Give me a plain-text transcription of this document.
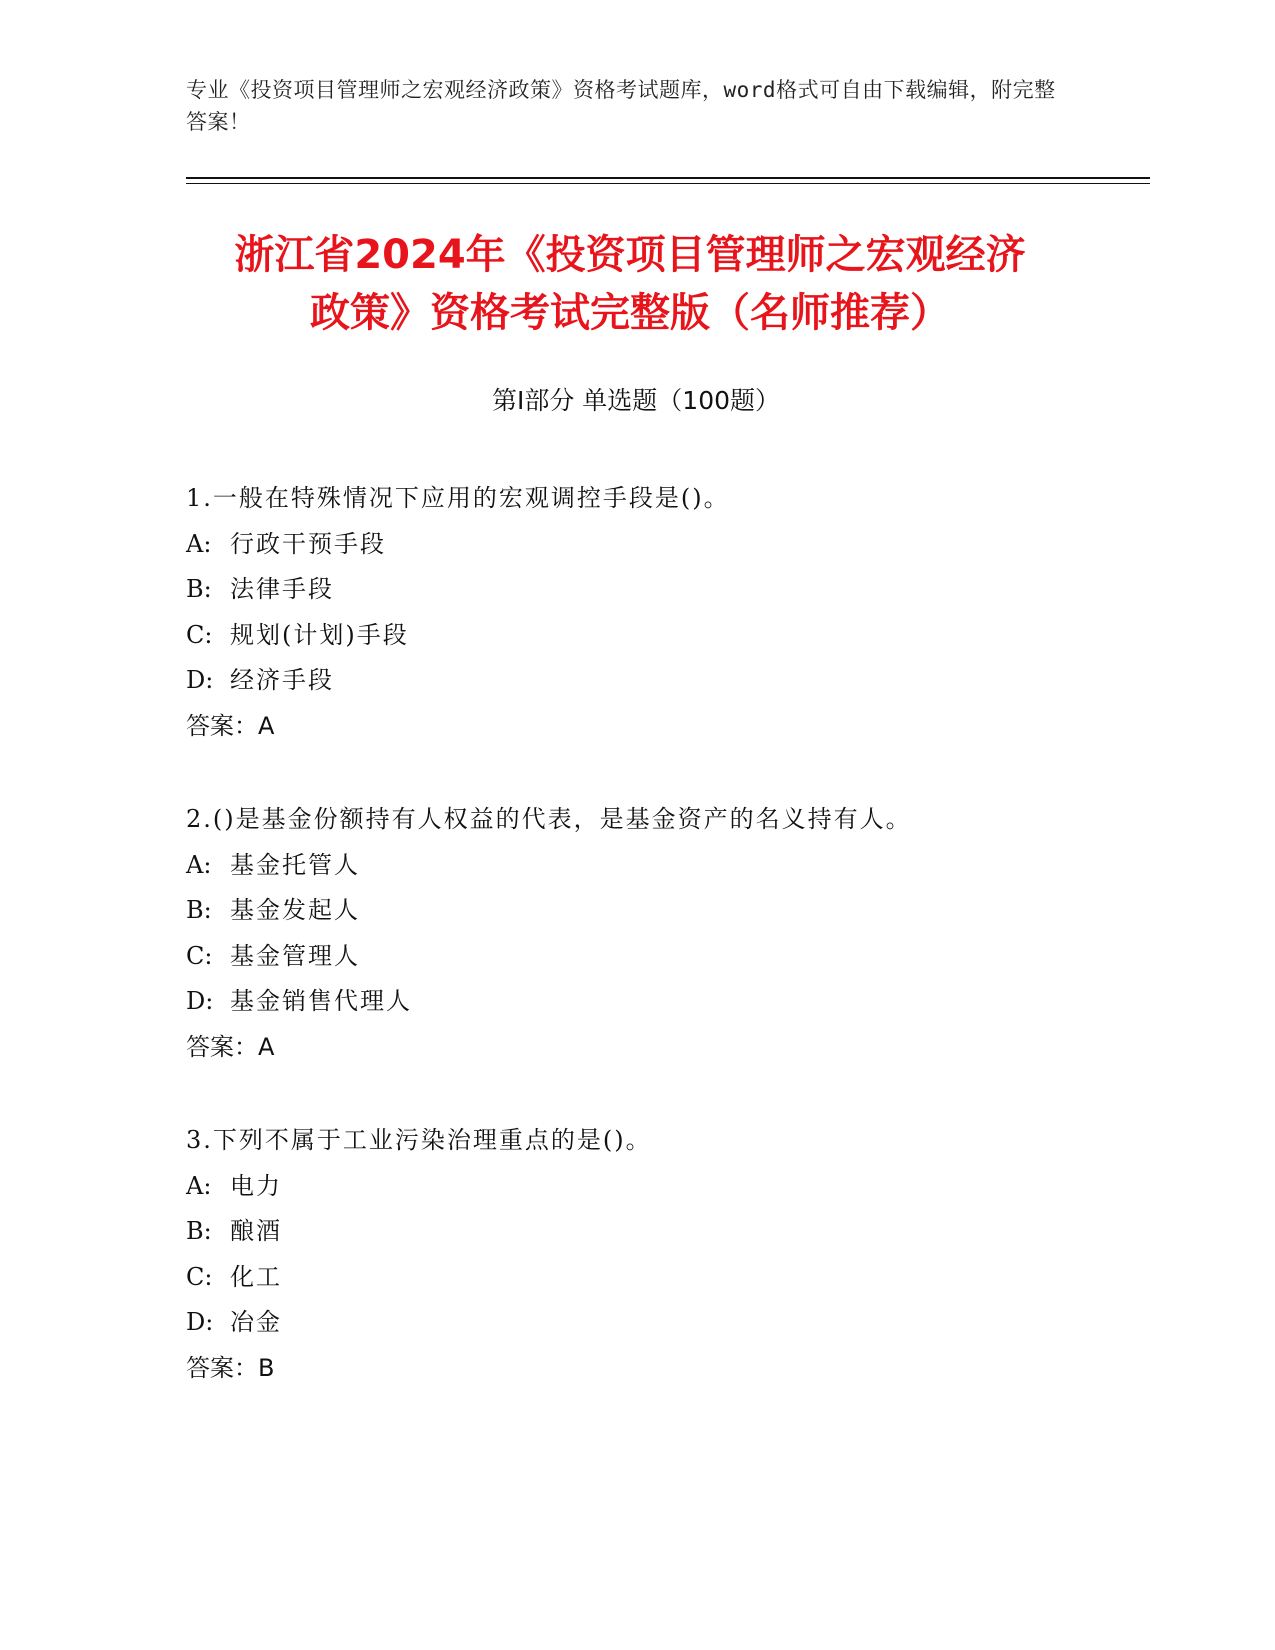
专业《投资项目管理师之宏观经济政策》资格考试题库，word格式可自由下载编辑，附完整答案！
浙江省2024年《投资项目管理师之宏观经济
政策》资格考试完整版（名师推荐）
第I部分 单选题（100题）
1.一般在特殊情况下应用的宏观调控手段是()。
A: 行政干预手段
B: 法律手段
C: 规划(计划)手段
D: 经济手段
答案：A
2.()是基金份额持有人权益的代表，是基金资产的名义持有人。
A: 基金托管人
B: 基金发起人
C: 基金管理人
D: 基金销售代理人
答案：A
3.下列不属于工业污染治理重点的是()。
A: 电力
B: 酿酒
C: 化工
D: 冶金
答案：B
